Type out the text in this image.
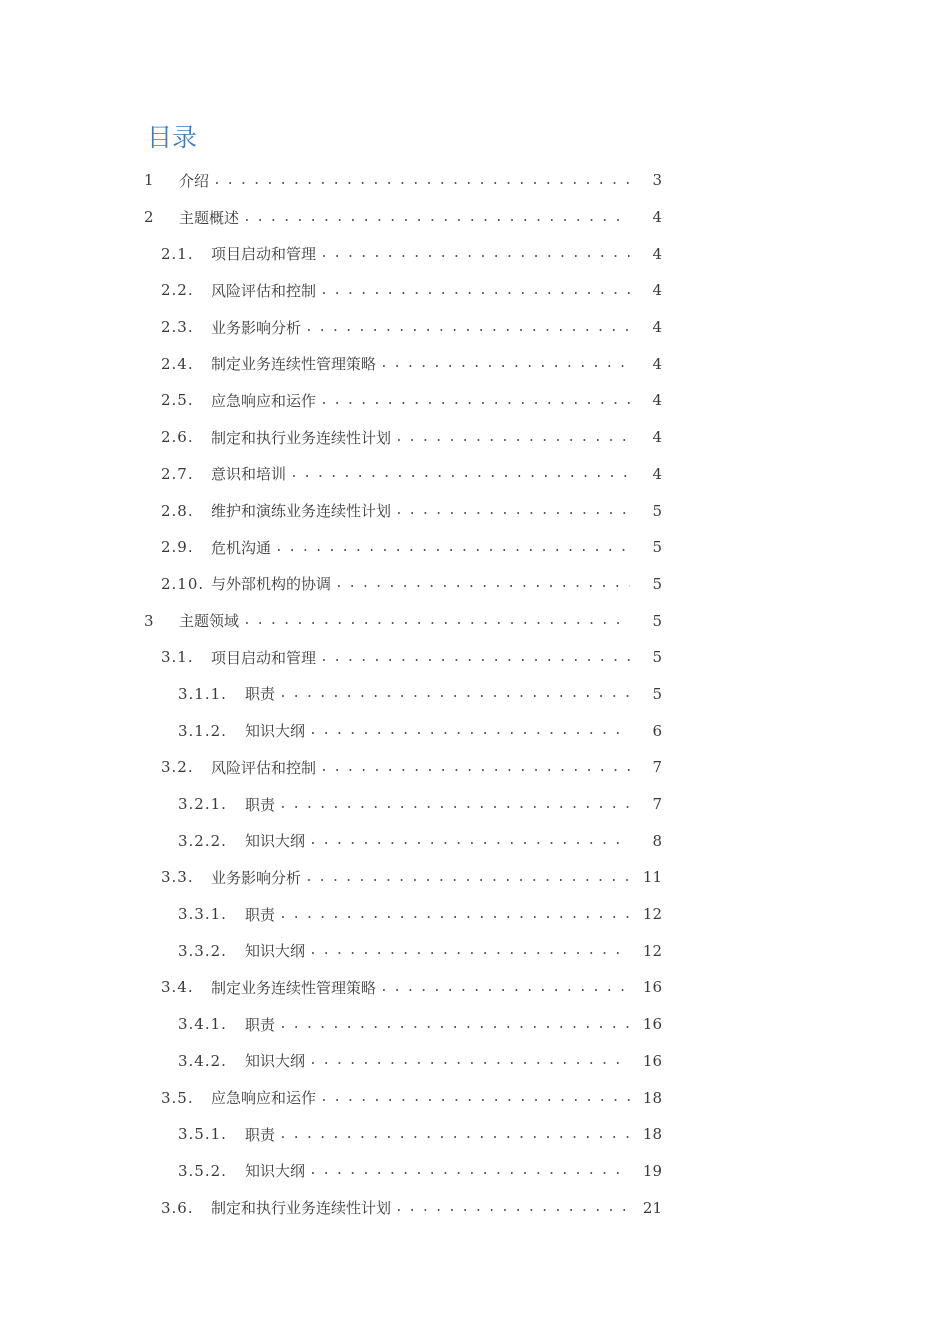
目录
1	介绍 . . .	3
2	主题概述 . . .	4
2.1.	项目启动和管理 . . .	4
2.2.	风险评估和控制 . . .	4
2.3.	业务影响分析 . . .	4
2.4.	制定业务连续性管理策略 . . .	4
2.5.	应急响应和运作 . . .	4
2.6.	制定和执行业务连续性计划 . . .	4
2.7.	意识和培训 . . .	4
2.8.	维护和演练业务连续性计划 . . .	5
2.9.	危机沟通 . . .	5
2.10. 与外部机构的协调 . . .	5
3	主题领域 . . .	5
3.1.	项目启动和管理 . . .	5
3.1.1.	职责 . . .	5
3.1.2.	知识大纲 . . .	6
3.2.	风险评估和控制 . . .	7
3.2.1.	职责 . . .	7
3.2.2.	知识大纲 . . .	8
3.3.	业务影响分析 . . .	11
3.3.1.	职责 . . .	12
3.3.2.	知识大纲 . . .	12
3.4.	制定业务连续性管理策略 . . .	16
3.4.1.	职责 . . .	16
3.4.2.	知识大纲 . . .	16
3.5.	应急响应和运作 . . .	18
3.5.1.	职责 . . .	18
3.5.2.	知识大纲 . . .	19
3.6.	制定和执行业务连续性计划 . . .	21
